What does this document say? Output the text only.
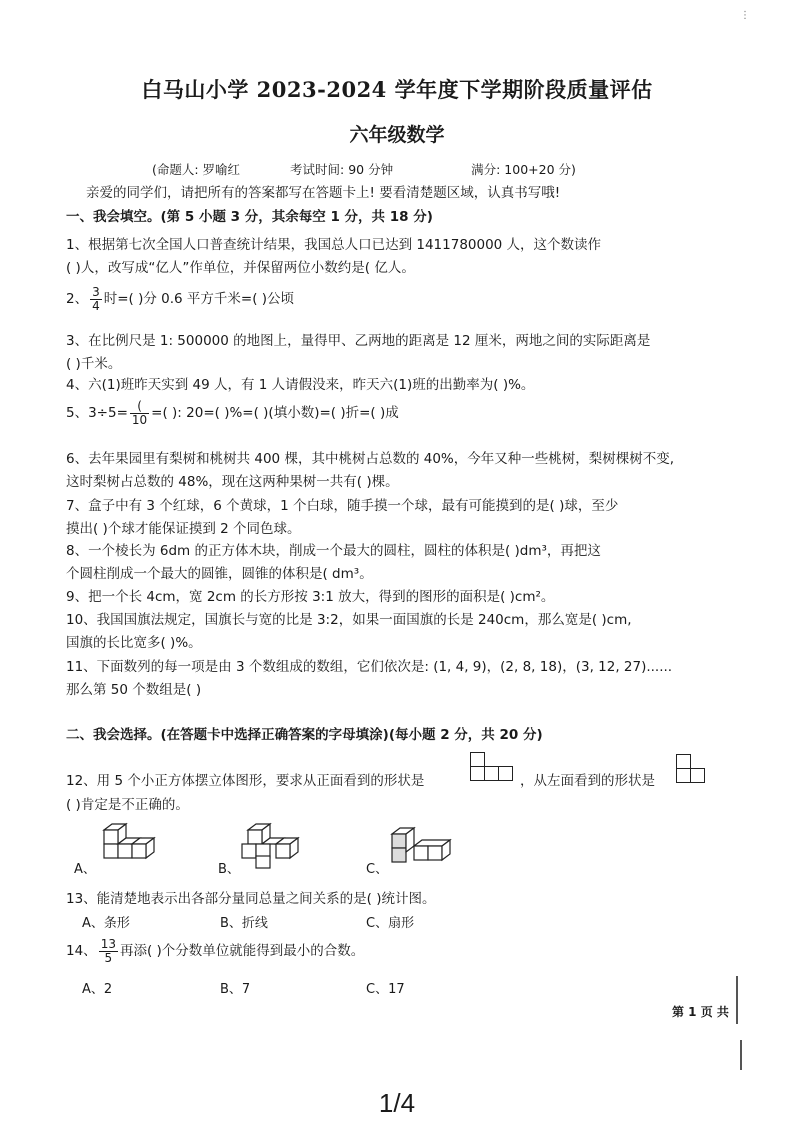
⋮
白马山小学 2023-2024 学年度下学期阶段质量评估
六年级数学
(命题人: 罗喻红	考试时间: 90 分钟	满分: 100+20 分)
亲爱的同学们，请把所有的答案都写在答题卡上! 要看清楚题区域，认真书写哦!
一、我会填空。(第 5 小题 3 分，其余每空 1 分，共 18 分)
1、根据第七次全国人口普查统计结果，我国总人口已达到 1411780000 人，这个数读作
( )人，改写成“亿人”作单位，并保留两位小数约是( 亿人。
2、 $\frac{3}{4}$ 时=( )分 0.6 平方千米=( )公顷
3、在比例尺是 1: 500000 的地图上，量得甲、乙两地的距离是 12 厘米，两地之间的实际距离是
( )千米。
4、六(1)班昨天实到 49 人，有 1 人请假没来，昨天六(1)班的出勤率为( )%。
5、$3\div 5= \frac{(}{10}$ =( ): 20=( )%=( )(填小数)=( )折=( )成
6、去年果园里有梨树和桃树共 400 棵，其中桃树占总数的 40%，今年又种一些桃树，梨树棵树不变,
这时梨树占总数的 48%，现在这两种果树一共有( )棵。
7、盒子中有 3 个红球，6 个黄球，1 个白球，随手摸一个球，最有可能摸到的是( )球，至少
摸出( )个球才能保证摸到 2 个同色球。
8、一个棱长为 6dm 的正方体木块，削成一个最大的圆柱，圆柱的体积是( )dm³，再把这
个圆柱削成一个最大的圆锥，圆锥的体积是( dm³。
9、把一个长 4cm，宽 2cm 的长方形按 3:1 放大，得到的图形的面积是( )cm²。
10、我国国旗法规定，国旗长与宽的比是 3:2，如果一面国旗的长是 240cm，那么宽是( )cm,
国旗的长比宽多( )%。
11、下面数列的每一项是由 3 个数组成的数组，它们依次是: (1, 4, 9)，(2, 8, 18)，(3, 12, 27)......
那么第 50 个数组是( )
二、我会选择。(在答题卡中选择正确答案的字母填涂)(每小题 2 分，共 20 分)
12、用 5 个小正方体摆立体图形，要求从正面看到的形状是	，从左面看到的形状是
( )肯定是不正确的。
A、	B、	C、
13、能清楚地表示出各部分量同总量之间关系的是( )统计图。
A、条形	B、折线	C、扇形
14、 $\frac{13}{5}$ 再添( )个分数单位就能得到最小的合数。
A、2	B、7	C、17
第 1 页 共
1/4
